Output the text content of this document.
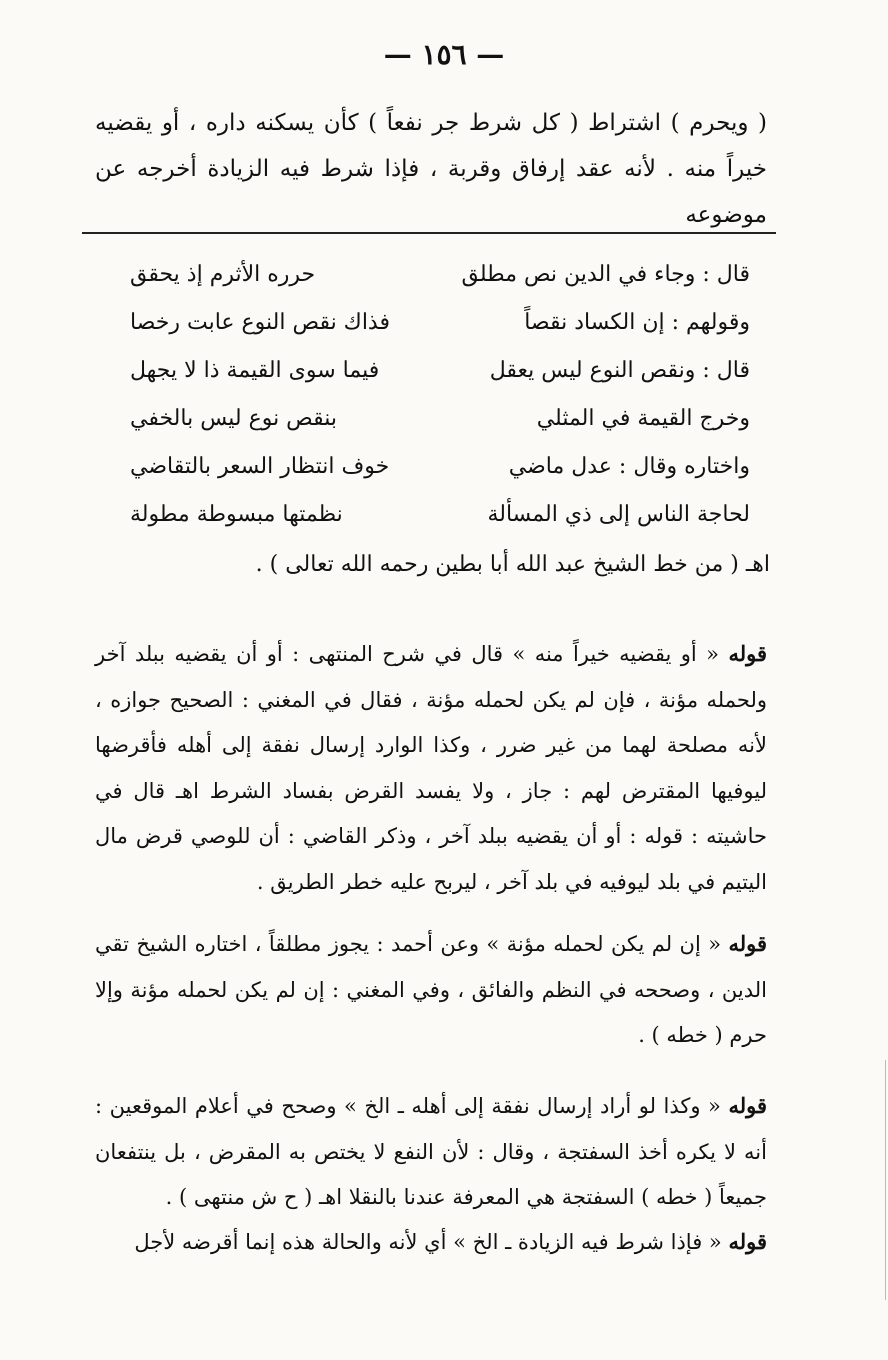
— ١٥٦ —
( ويحرم ) اشتراط ( كل شرط جر نفعاً ) كأن يسكنه داره ، أو يقضيه خيراً منه . لأنه عقد إرفاق وقربة ، فإذا شرط فيه الزيادة أخرجه عن موضوعه
قال : وجاء في الدين نص مطلق
حرره الأثرم إذ يحقق
وقولهم : إن الكساد نقصاً
فذاك نقص النوع عابت رخصا
قال : ونقص النوع ليس يعقل
فيما سوى القيمة ذا لا يجهل
وخرج القيمة في المثلي
بنقص نوع ليس بالخفي
واختاره وقال : عدل ماضي
خوف انتظار السعر بالتقاضي
لحاجة الناس إلى ذي المسألة
نظمتها مبسوطة مطولة
اهـ ( من خط الشيخ عبد الله أبا بطين رحمه الله تعالى ) .

قوله « أو يقضيه خيراً منه » قال في شرح المنتهى : أو أن يقضيه ببلد آخر ولحمله مؤنة ، فإن لم يكن لحمله مؤنة ، فقال في المغني : الصحيح جوازه ، لأنه مصلحة لهما من غير ضرر ، وكذا الوارد إرسال نفقة إلى أهله فأقرضها ليوفيها المقترض لهم : جاز ، ولا يفسد القرض بفساد الشرط اهـ قال في حاشيته : قوله : أو أن يقضيه ببلد آخر ، وذكر القاضي : أن للوصي قرض مال اليتيم في بلد ليوفيه في بلد آخر ، ليربح عليه خطر الطريق .

قوله « إن لم يكن لحمله مؤنة » وعن أحمد : يجوز مطلقاً ، اختاره الشيخ تقي الدين ، وصححه في النظم والفائق ، وفي المغني : إن لم يكن لحمله مؤنة وإلا حرم ( خطه ) .

قوله « وكذا لو أراد إرسال نفقة إلى أهله ـ الخ » وصحح في أعلام الموقعين : أنه لا يكره أخذ السفتجة ، وقال : لأن النفع لا يختص به المقرض ، بل ينتفعان جميعاً ( خطه ) السفتجة هي المعرفة عندنا بالنقلا اهـ ( ح ش منتهى ) .

قوله « فإذا شرط فيه الزيادة ـ الخ » أي لأنه والحالة هذه إنما أقرضه لأجل
